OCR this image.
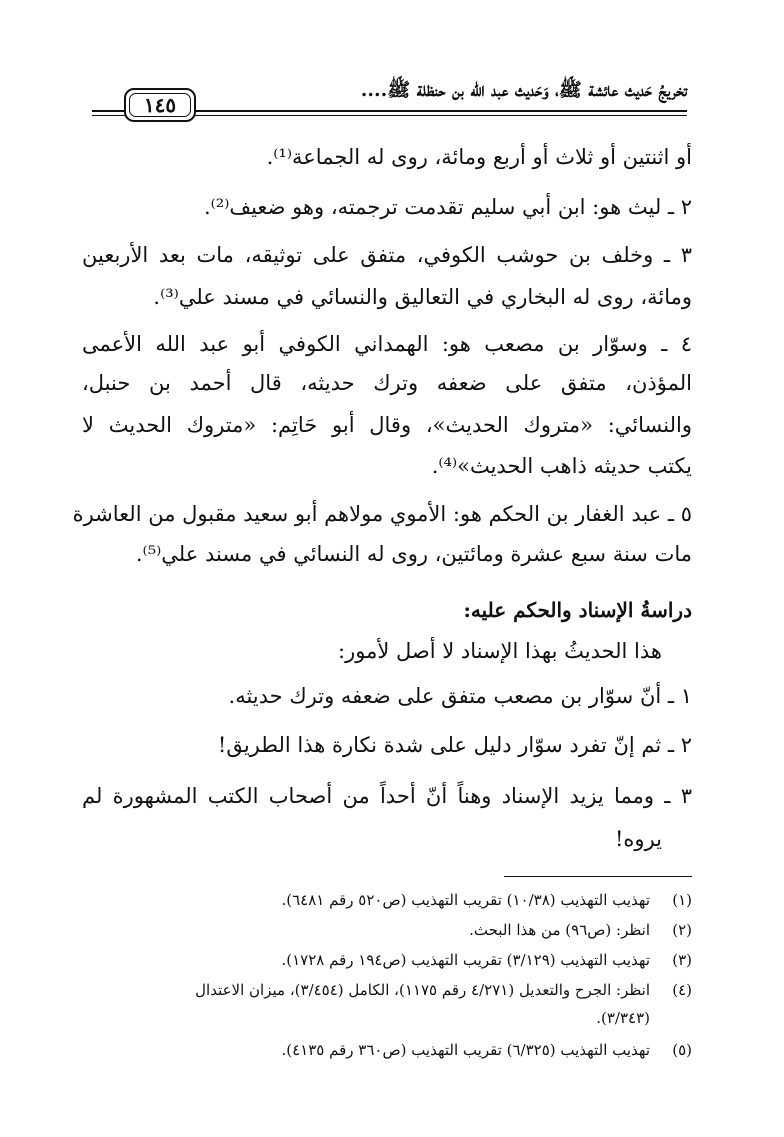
تخريجُ حَديث عائشة ﷺ، وَحَديث عبد الله بن حنظلة ﷺ....
١٤٥
أو اثنتين أو ثلاث أو أربع ومائة، روى له الجماعة⁽¹⁾.
٢ ـ ليث هو: ابن أبي سليم تقدمت ترجمته، وهو ضعيف⁽²⁾.
٣ ـ وخلف بن حوشب الكوفي، متفق على توثيقه، مات بعد الأربعين
ومائة، روى له البخاري في التعاليق والنسائي في مسند علي⁽³⁾.
٤ ـ وسوّار بن مصعب هو: الهمداني الكوفي أبو عبد الله الأعمى
المؤذن، متفق على ضعفه وترك حديثه، قال أحمد بن حنبل،
والنسائي: «متروك الحديث»، وقال أبو حَاتِم: «متروك الحديث لا
يكتب حديثه ذاهب الحديث»⁽⁴⁾.
٥ ـ عبد الغفار بن الحكم هو: الأموي مولاهم أبو سعيد مقبول من العاشرة
مات سنة سبع عشرة ومائتين، روى له النسائي في مسند علي⁽⁵⁾.
دراسةُ الإسناد والحكم عليه:
هذا الحديثُ بهذا الإسناد لا أصل لأمور:
١ ـ أنّ سوّار بن مصعب متفق على ضعفه وترك حديثه.
٢ ـ ثم إنّ تفرد سوّار دليل على شدة نكارة هذا الطريق!
٣ ـ ومما يزيد الإسناد وهناً أنّ أحداً من أصحاب الكتب المشهورة لم
يروه!
(١)تهذيب التهذيب (١٠/٣٨) تقريب التهذيب (ص٥٢٠ رقم ٦٤٨١).
(٢)انظر: (ص٩٦) من هذا البحث.
(٣)تهذيب التهذيب (٣/١٢٩) تقريب التهذيب (ص١٩٤ رقم ١٧٢٨).
(٤)انظر: الجرح والتعديل (٤/٢٧١ رقم ١١٧٥)، الكامل (٣/٤٥٤)، ميزان الاعتدال
(٣/٣٤٣).
(٥)تهذيب التهذيب (٦/٣٢٥) تقريب التهذيب (ص٣٦٠ رقم ٤١٣٥).
